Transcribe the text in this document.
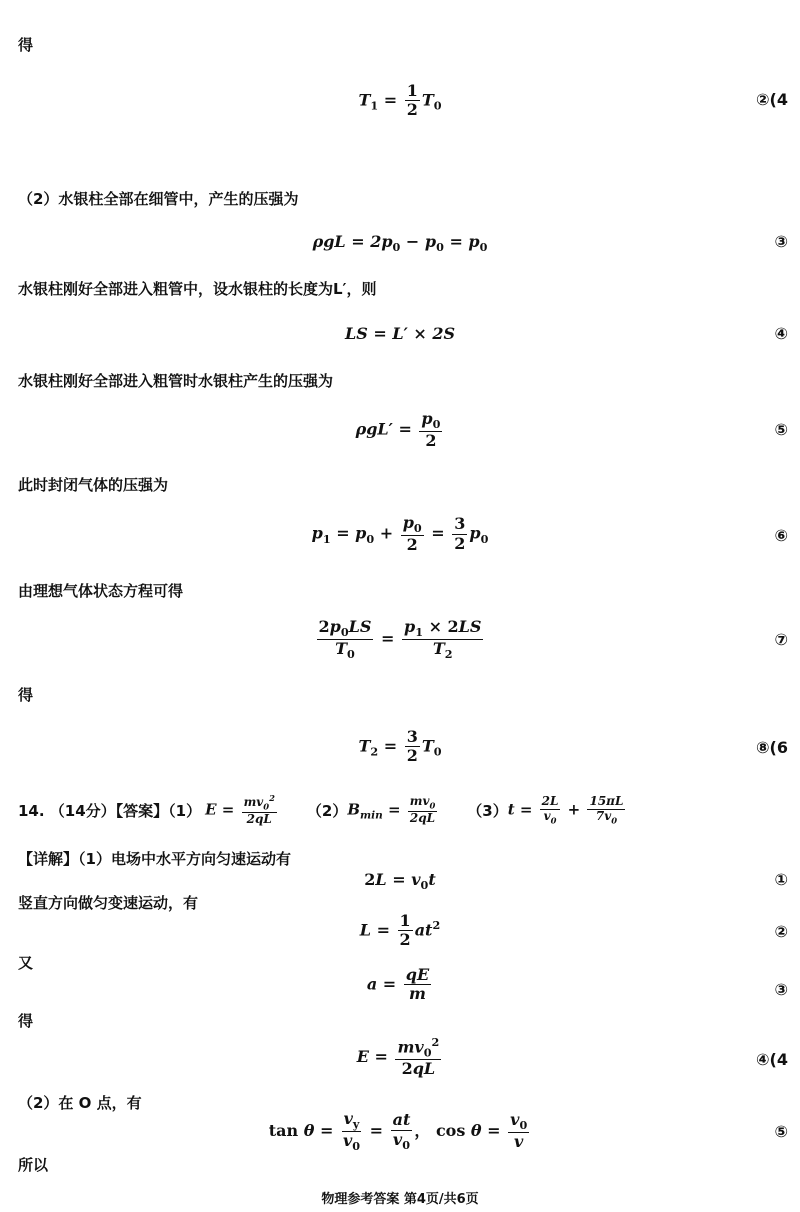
得
$T_1 = \frac{1}{2} T_0$	②(4
（2）水银柱全部在细管中，产生的压强为
$\rho gL = 2p_0 - p_0 = p_0$	③
水银柱刚好全部进入粗管中，设水银柱的长度为L′，则
LS = L′ × 2S	④
水银柱刚好全部进入粗管时水银柱产生的压强为
$\rho gL' = \frac{p_0}{2}$	⑤
此时封闭气体的压强为
$p_1 = p_0 + \frac{p_0}{2} = \frac{3}{2} p_0$	⑥
由理想气体状态方程可得
$\frac{2p_0LS}{T_0} = \frac{p_1 \times 2LS}{T_2}$	⑦
得
$T_2 = \frac{3}{2} T_0$	⑧(6
14. （14分）【答案】（1） $E = \frac{mv_0^2}{2qL} (2) B_{min} = \frac{mv_0}{2qL} (3) t = \frac{2L}{v_0} + \frac{15\pi L}{7v_0}$
【详解】（1）电场中水平方向匀速运动有
$2L = v_0t$	①
竖直方向做匀变速运动，有
$L = \frac{1}{2} at^2$	②
又
$a = \frac{qE}{m}$	③
得
$E = \frac{mv_0^2}{2qL}$	④(4
（2）在 O 点，有
$\tan \theta = \frac{v_y}{v_0} = \frac{at}{v_0}$ ， $\cos \theta = \frac{v_0}{v}$	⑤
所以
物理参考答案 第4页/共6页
